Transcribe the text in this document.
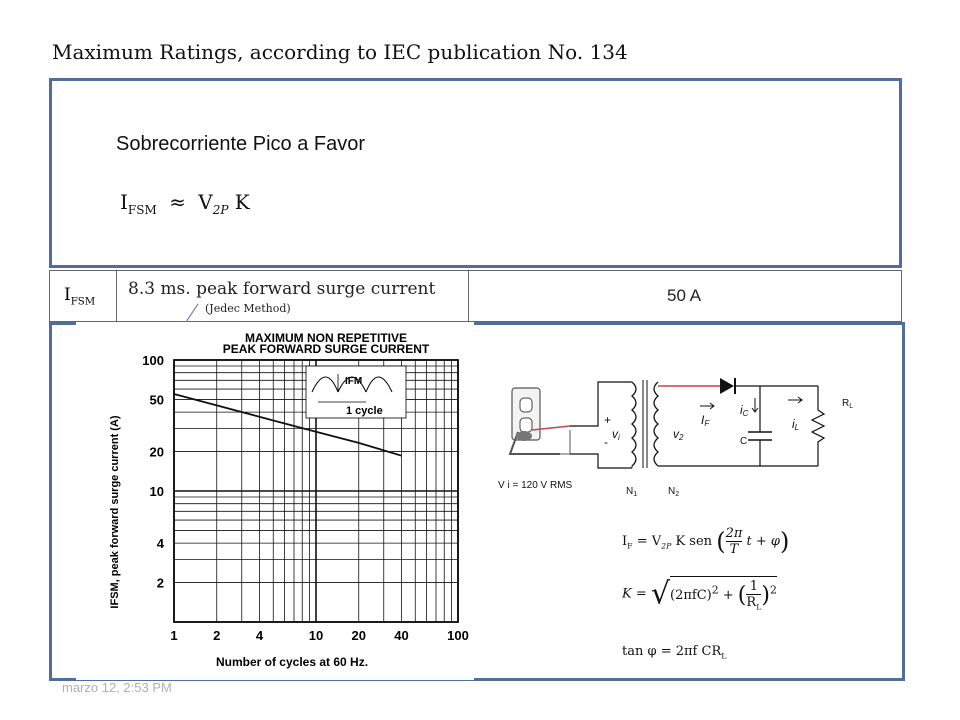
Maximum Ratings, according to IEC publication No. 134
Sobrecorriente Pico a Favor
$I_{FSM} \approx V_{2P}$ K
$I_{FSM}$
8.3 ms. peak forward surge current
(Jedec Method)
50 A
MAXIMUM NON REPETITIVE
PEAK FORWARD SURGE CURRENT
1	2	4	10 20 40	100
100
50
20
10
4
2
IFM
1 cycle
IFSM, peak forward surge current (A)
Number of cycles at 60 Hz.
+
-
vi	v2
IF
iC
iL
C
$R_L$
$N_1$	$N_2$
V i = 120 V RMS
$I_F = V_{2P}$ K sen ( $\frac{2\pi}{T}$ t + φ)
$K = √(2\pi fC)^2$ + ( $\frac{1}{R_L} )^2$
tan φ = 2πf $CR_L$
marzo 12, 2:53 PM
